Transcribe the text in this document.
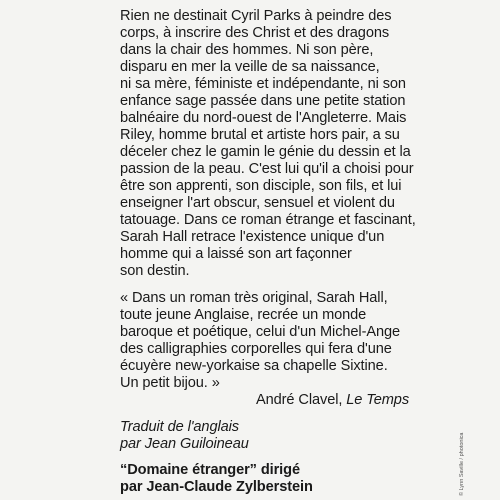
Rien ne destinait Cyril Parks à peindre des
corps, à inscrire des Christ et des dragons
dans la chair des hommes. Ni son père,
disparu en mer la veille de sa naissance,
ni sa mère, féministe et indépendante, ni son
enfance sage passée dans une petite station
balnéaire du nord-ouest de l'Angleterre. Mais
Riley, homme brutal et artiste hors pair, a su
déceler chez le gamin le génie du dessin et la
passion de la peau. C'est lui qu'il a choisi pour
être son apprenti, son disciple, son fils, et lui
enseigner l'art obscur, sensuel et violent du
tatouage. Dans ce roman étrange et fascinant,
Sarah Hall retrace l'existence unique d'un
homme qui a laissé son art façonner
son destin.
« Dans un roman très original, Sarah Hall,
toute jeune Anglaise, recrée un monde
baroque et poétique, celui d'un Michel-Ange
des calligraphies corporelles qui fera d'une
écuyère new-yorkaise sa chapelle Sixtine.
Un petit bijou. »
André Clavel, Le Temps
Traduit de l'anglais
par Jean Guiloineau
“Domaine étranger” dirigé
par Jean-Claude Zylberstein	© Lynn Saville / photonica
